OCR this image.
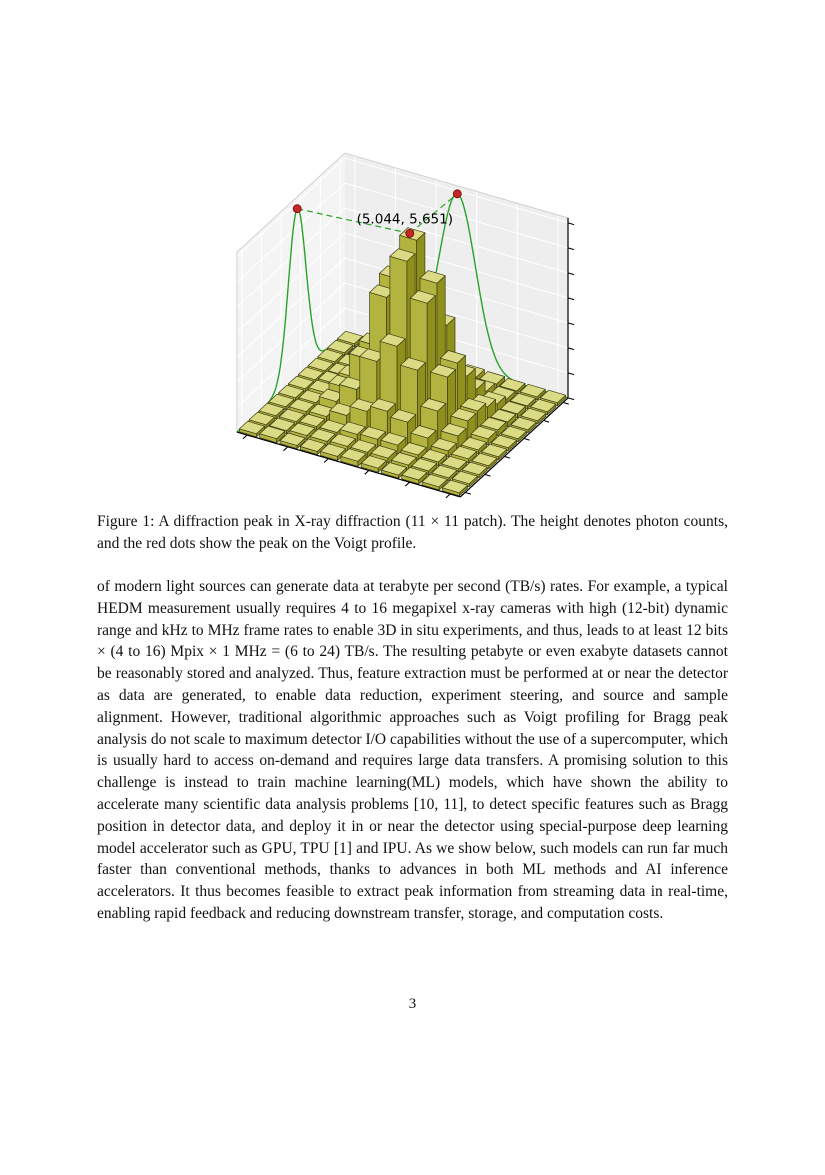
(5.044, 5.651)
Figure 1: A diffraction peak in X-ray diffraction (11 × 11 patch). The height denotes photon counts, and the red dots show the peak on the Voigt profile.
of modern light sources can generate data at terabyte per second (TB/s) rates. For example, a typical HEDM measurement usually requires 4 to 16 megapixel x-ray cameras with high (12-bit) dynamic range and kHz to MHz frame rates to enable 3D in situ experiments, and thus, leads to at least 12 bits × (4 to 16) Mpix × 1 MHz = (6 to 24) TB/s. The resulting petabyte or even exabyte datasets cannot be reasonably stored and analyzed. Thus, feature extraction must be performed at or near the detector as data are generated, to enable data reduction, experiment steering, and source and sample alignment. However, traditional algorithmic approaches such as Voigt profiling for Bragg peak analysis do not scale to maximum detector I/O capabilities without the use of a supercomputer, which is usually hard to access on-demand and requires large data transfers. A promising solution to this challenge is instead to train machine learning(ML) models, which have shown the ability to accelerate many scientific data analysis problems [10, 11], to detect specific features such as Bragg position in detector data, and deploy it in or near the detector using special-purpose deep learning model accelerator such as GPU, TPU [1] and IPU. As we show below, such models can run far much faster than conventional methods, thanks to advances in both ML methods and AI inference accelerators. It thus becomes feasible to extract peak information from streaming data in real-time, enabling rapid feedback and reducing downstream transfer, storage, and computation costs.
3
